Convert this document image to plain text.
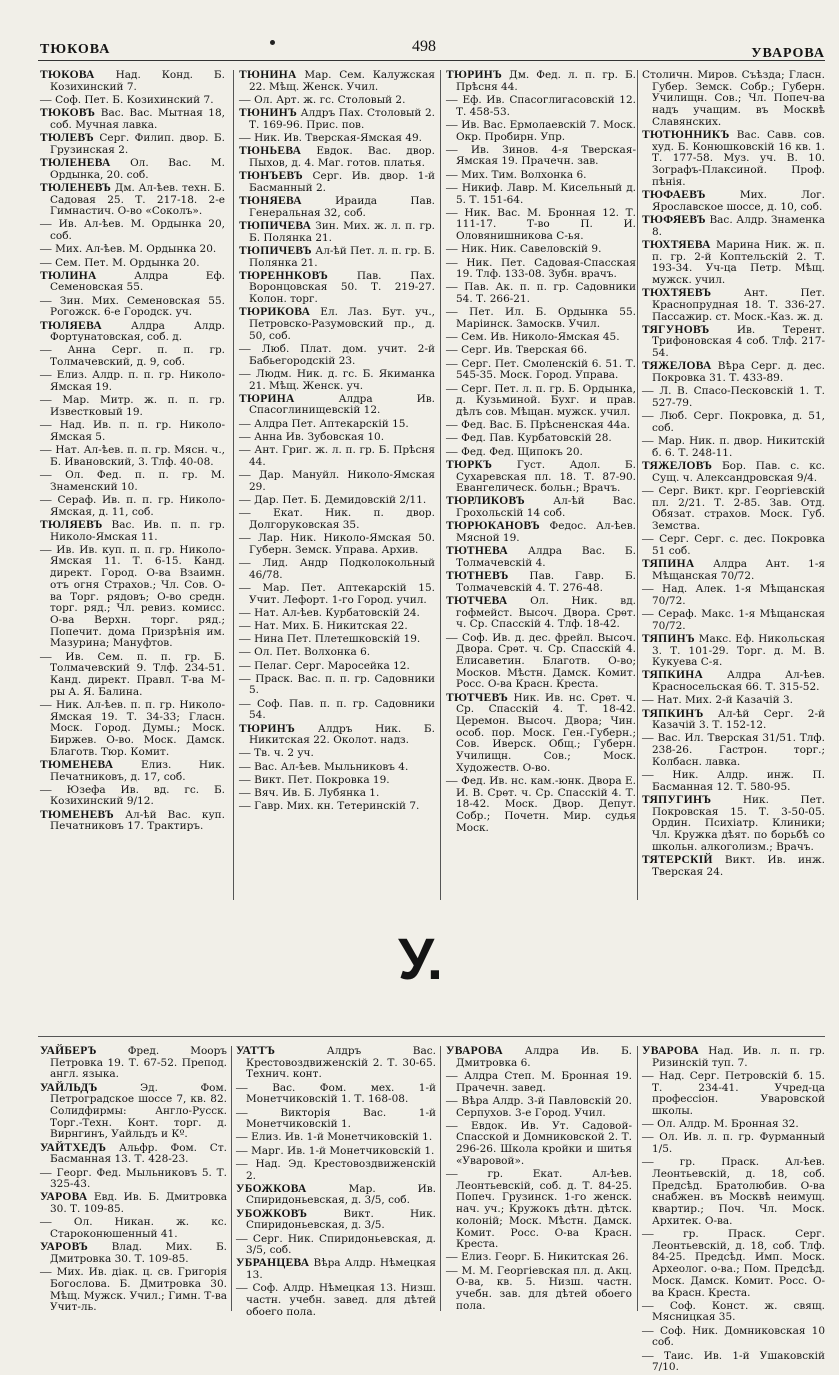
ТЮКОВА	498	УВАРОВА
ТЮКОВА Над. Конд. Б. Козихинский 7.
— Соф. Пет. Б. Козихинский 7.
ТЮКОВЪ Вас. Вас. Мытная 18, соб. Мучная лавка.
ТЮЛЕВЪ Серг. Филип. двор. Б. Грузинская 2.
ТЮЛЕНЕВА Ол. Вас. М. Ордынка, 20. соб.
ТЮЛЕНЕВЪ Дм. Ал-ѣев. техн. Б. Садовая 25. Т. 217-18. 2-е Гимнастич. О-во «Соколъ».
— Ив. Ал-ѣев. М. Ордынка 20, соб.
— Мих. Ал-ѣев. М. Ордынка 20.
— Сем. Пет. М. Ордынка 20.
ТЮЛИНА Алдра Еф. Семеновская 55.
— Зин. Мих. Семеновская 55. Рогожск. 6-е Городск. уч.
ТЮЛЯЕВА Алдра Алдр. Фортунатовская, соб. д.
— Анна Серг. п. п. гр. Толмачевский, д. 9, соб.
— Елиз. Алдр. п. п. гр. Николо-Ямская 19.
— Мар. Митр. ж. п. п. гр. Известковый 19.
— Над. Ив. п. п. гр. Николо-Ямская 5.
— Нат. Ал-ѣев. п. п. гр. Мясн. ч., Б. Ивановский, 3. Тлф. 40-08.
— Ол. Фед. п. п. гр. М. Знаменский 10.
— Сераф. Ив. п. п. гр. Николо-Ямская, д. 11, соб.
ТЮЛЯЕВЪ Вас. Ив. п. п. гр. Николо-Ямская 11.
— Ив. Ив. куп. п. п. гр. Николо-Ямская 11. Т. 6-15. Канд. директ. Город. О-ва Взаимн. отъ огня Страхов.; Чл. Сов. О-ва Торг. рядовъ; О-во средн. торг. ряд.; Чл. ревиз. комисс. О-ва Верхн. торг. ряд.; Попечит. дома Призрѣнія им. Мазурина; Мануфтов.
— Ив. Сем. п. п. гр. Б. Толмачевский 9. Тлф. 234-51. Канд. директ. Правл. Т-ва М-ры А. Я. Балина.
— Ник. Ал-ѣев. п. п. гр. Николо-Ямская 19. Т. 34-33; Гласн. Моск. Город. Думы.; Моск. Биржев. О-во. Моск. Дамск. Благотв. Тюр. Комит.
ТЮМЕНЕВА Елиз. Ник. Печатниковъ, д. 17, соб.
— Юзефа Ив. вд. гс. Б. Козихинский 9/12.
ТЮМЕНЕВЪ Ал-ѣй Вас. куп. Печатниковъ 17. Трактиръ.
ТЮНИНА Мар. Сем. Калужская 22. Мѣщ. Женск. Учил.
— Ол. Арт. ж. гс. Столовый 2.
ТЮНИНЪ Алдръ Пах. Столовый 2. Т. 169-96. Прис. пов.
— Ник. Ив. Тверская-Ямская 49.
ТЮНЬЕВА Евдок. Вас. двор. Пыхов, д. 4. Маг. готов. платья.
ТЮНЪЕВЪ Серг. Ив. двор. 1-й Басманный 2.
ТЮНЯЕВА Ираида Пав. Генеральная 32, соб.
ТЮПИЧЕВА Зин. Мих. ж. л. п. гр. Б. Полянка 21.
ТЮПИЧЕВЪ Ал-ѣй Пет. л. п. гр. Б. Полянка 21.
ТЮРЕННКОВЪ Пав. Пах. Воронцовская 50. Т. 219-27. Колон. торг.
ТЮРИКОВА Ел. Лаз. Бут. уч., Петровско-Разумовский пр., д. 50, соб.
— Люб. Плат. дом. учит. 2-й Бабьегородскій 23.
— Людм. Ник. д. гс. Б. Якиманка 21. Мѣщ. Женск. уч.
ТЮРИНА Алдра Ив. Спасоглинищевскій 12.
— Алдра Пет. Аптекарскій 15.
— Анна Ив. Зубовская 10.
— Ант. Григ. ж. л. п. гр. Б. Прѣсня 44.
— Дар. Мануйл. Николо-Ямская 29.
— Дар. Пет. Б. Демидовскій 2/11.
— Екат. Ник. п. двор. Долгоруковская 35.
— Лар. Ник. Николо-Ямская 50. Губерн. Земск. Управа. Архив.
— Лид. Андр Подколокольный 46/78.
— Мар. Пет. Аптекарскій 15. Учит. Лефорт. 1-го Город. учил.
— Нат. Ал-ѣев. Курбатовскій 24.
— Нат. Мих. Б. Никитская 22.
— Нина Пет. Плетешковскій 19.
— Ол. Пет. Волхонка 6.
— Пелаг. Серг. Маросейка 12.
— Праск. Вас. п. п. гр. Садовники 5.
— Соф. Пав. п. п. гр. Садовники 54.
ТЮРИНЪ Алдръ Ник. Б. Никитская 22. Околот. надз.
— Тв. ч. 2 уч.
— Вас. Ал-ѣев. Мыльниковъ 4.
— Викт. Пет. Покровка 19.
— Вяч. Ив. Б. Лубянка 1.
— Гавр. Мих. кн. Тетеринскій 7.
ТЮРИНЪ Дм. Фед. л. п. гр. Б. Прѣсня 44.
— Еф. Ив. Спасоглигасовскій 12. Т. 458-53.
— Ив. Вас. Ермолаевскій 7. Моск. Окр. Пробирн. Упр.
— Ив. Зинов. 4-я Тверская-Ямская 19. Прачечн. зав.
— Мих. Тим. Волхонка 6.
— Никиф. Лавр. М. Кисельный д. 5. Т. 151-64.
— Ник. Вас. М. Бронная 12. Т. 111-17. Т-во П. И. Оловянишникова С-ья.
— Ник. Ник. Савеловскій 9.
— Ник. Пет. Садовая-Спасская 19. Тлф. 133-08. Зубн. врачъ.
— Пав. Ак. п. п. гр. Садовники 54. Т. 266-21.
— Пет. Ил. Б. Ордынка 55. Маріинск. Замоскв. Учил.
— Сем. Ив. Николо-Ямская 45.
— Серг. Ив. Тверская 66.
— Серг. Пет. Смоленскій 6. 51. Т. 545-35. Моск. Город. Управа.
— Серг. Пет. л. п. гр. Б. Ордынка, д. Кузьминой. Бухг. и прав. дѣлъ сов. Мѣщан. мужск. учил.
— Фед. Вас. Б. Прѣсненская 44а.
— Фед. Пав. Курбатовскій 28.
— Фед. Фед. Щипокъ 20.
ТЮРКЪ Густ. Адол. Б. Сухаревская пл. 18. Т. 87-90. Евангелическ. больн.; Врачъ.
ТЮРЛИКОВЪ Ал-ѣй Вас. Грохольскій 14 соб.
ТЮРЮКАНОВЪ Федос. Ал-ѣев. Мясной 19.
ТЮТНЕВА Алдра Вас. Б. Толмачевскій 4.
ТЮТНЕВЪ Пав. Гавр. Б. Толмачевскій 4. Т. 276-48.
ТЮТЧЕВА Ол. Ник. вд. гофмейст. Высоч. Двора. Срѳт. ч. Ср. Спасскій 4. Тлф. 18-42.
— Соф. Ив. д. дес. фрейл. Высоч. Двора. Срѳт. ч. Ср. Спасскій 4. Елисаветин. Благотв. О-во; Москов. Мѣстн. Дамск. Комит. Росс. О-ва Красн. Креста.
ТЮТЧЕВЪ Ник. Ив. нс. Срѳт. ч. Ср. Спасскій 4. Т. 18-42. Церемон. Высоч. Двора; Чин. особ. пор. Моск. Ген.-Губерн.; Сов. Иверск. Общ.; Губерн. Училищн. Сов.; Моск. Художеств. О-во.
— Фед. Ив. нс. кам.-юнк. Двора Е. И. В. Срѳт. ч. Ср. Спасскій 4. Т. 18-42. Моск. Двор. Депут. Собр.; Почетн. Мир. судья Моск.
Столичн. Миров. Съѣзда; Гласн. Губер. Земск. Собр.; Губерн. Училищн. Сов.; Чл. Попеч-ва надъ учащим. въ Москвѣ Славянских.
ТЮТЮННИКЪ Вас. Савв. сов. худ. Б. Конюшковскій 16 кв. 1. Т. 177-58. Муз. уч. В. 10. Зографъ-Плаксиной. Проф. пѣнія.
ТЮФАЕВЪ Мих. Лог. Ярославское шоссе, д. 10, соб.
ТЮФЯЕВЪ Вас. Алдр. Знаменка 8.
ТЮХТЯЕВА Марина Ник. ж. п. п. гр. 2-й Коптельскій 2. Т. 193-34. Уч-ца Петр. Мѣщ. мужск. учил.
ТЮХТЯЕВЪ Ант. Пет. Краснопрудная 18. Т. 336-27. Пассажир. ст. Моск.-Каз. ж. д.
ТЯГУНОВЪ Ив. Терент. Трифоновская 4 соб. Тлф. 217-54.
ТЯЖЕЛОВА Вѣра Серг. д. дес. Покровка 31. Т. 433-89.
— Л. В. Спасо-Песковскій 1. Т. 527-79.
— Люб. Серг. Покровка, д. 51, соб.
— Мар. Ник. п. двор. Никитскій б. 6. Т. 248-11.
ТЯЖЕЛОВЪ Бор. Пав. с. кс. Сущ. ч. Александровская 9/4.
— Серг. Викт. крг. Георгіевскій пл. 2/21. Т. 2-85. Зав. Отд. Обязат. страхов. Моск. Губ. Земства.
— Серг. Серг. с. дес. Покровка 51 соб.
ТЯПИНА Алдра Ант. 1-я Мѣщанская 70/72.
— Над. Алек. 1-я Мѣщанская 70/72.
— Сераф. Макс. 1-я Мѣщанская 70/72.
ТЯПИНЪ Макс. Еф. Никольская 3. Т. 101-29. Торг. д. М. В. Кукуева С-я.
ТЯПКИНА Алдра Ал-ѣев. Красносельская 66. Т. 315-52.
— Нат. Мих. 2-й Казачій 3.
ТЯПКИНЪ Ал-ѣй Серг. 2-й Казачій 3. Т. 152-12.
— Вас. Ил. Тверская 31/51. Тлф. 238-26. Гастрон. торг.; Колбасн. лавка.
— Ник. Алдр. инж. П. Басманная 12. Т. 580-95.
ТЯПУГИНЪ Ник. Пет. Покровская 15. Т. 3-50-05. Ордин. Психіатр. Клиники; Чл. Кружка дѣят. по борьбѣ со школьн. алкоголизм.; Врачъ.
ТЯТЕРСКІЙ Викт. Ив. инж. Тверская 24.
У.
УАЙБЕРЪ Фред. Мооръ Петровка 19. Т. 67-52. Препод. англ. языка.
УАЙЛЬДЪ Эд. Фом. Петроградское шоссе 7, кв. 82. Солидфирмы: Англо-Русск. Торг.-Техн. Конт. торг. д. Вирнгинъ, Уайльдъ и Кº.
УАЙТХЕДЪ Альфр. Фом. Ст. Басманная 13. Т. 428-23.
— Георг. Фед. Мыльниковъ 5. Т. 325-43.
УАРОВА Евд. Ив. Б. Дмитровка 30. Т. 109-85.
— Ол. Никан. ж. кс. Староконюшенный 41.
УАРОВЪ Влад. Мих. Б. Дмитровка 30. Т. 109-85.
— Мих. Ив. діак. ц. св. Григорія Богослова. Б. Дмитровка 30. Мѣщ. Мужск. Учил.; Гимн. Т-ва Учит-ль.
УАТТЪ Алдръ Вас. Крестовоздвиженскій 2. Т. 30-65. Технич. конт.
— Вас. Фом. мех. 1-й Монетчиковскій 1. Т. 168-08.
— Викторія Вас. 1-й Монетчиковскій 1.
— Елиз. Ив. 1-й Монетчиковскій 1.
— Марг. Ив. 1-й Монетчиковскій 1.
— Над. Эд. Крестовоздвиженскій 2.
УБОЖКОВА Мар. Ив. Спиридоньевская, д. 3/5, соб.
УБОЖКОВЪ Викт. Ник. Спиридоньевская, д. 3/5.
— Серг. Ник. Спиридоньевская, д. 3/5, соб.
УБРАНЦЕВА Вѣра Алдр. Нѣмецкая 13.
— Соф. Алдр. Нѣмецкая 13. Низш. частн. учебн. завед. для дѣтей обоего пола.
УВАРОВА Алдра Ив. Б. Дмитровка 6.
— Алдра Степ. М. Бронная 19. Прачечн. завед.
— Вѣра Алдр. 3-й Павловскій 20. Серпухов. 3-е Город. Учил.
— Евдок. Ив. Ут. Садовой-Спасской и Домниковской 2. Т. 296-26. Школа кройки и шитья «Уваровой».
— гр. Екат. Ал-ѣев. Леонтьевскій, соб. д. Т. 84-25. Попеч. Грузинск. 1-го женск. нач. уч.; Кружокъ дѣтн. дѣтск. колоній; Моск. Мѣстн. Дамск. Комит. Росс. О-ва Красн. Креста.
— Елиз. Георг. Б. Никитская 26.
— М. М. Георгіевская пл. д. Акц. О-ва, кв. 5. Низш. частн. учебн. зав. для дѣтей обоего пола.
УВАРОВА Над. Ив. л. п. гр. Ризинскій туп. 7.
— Над. Серг. Петровскій б. 15. Т. 234-41. Учред-ца профессіон. Уваровской школы.
— Ол. Алдр. М. Бронная 32.
— Ол. Ив. л. п. гр. Фурманный 1/5.
— гр. Праск. Ал-ѣев. Леонтьевскій, д. 18, соб. Предсѣд. Братолюбив. О-ва снабжен. въ Москвѣ неимущ. квартир.; Поч. Чл. Моск. Архитек. О-ва.
— гр. Праск. Серг. Леонтьевскій, д. 18, соб. Тлф. 84-25. Предсѣд. Имп. Моск. Археолог. о-ва.; Пом. Предсѣд. Моск. Дамск. Комит. Росс. О-ва Красн. Креста.
— Соф. Конст. ж. свящ. Мясницкая 35.
— Соф. Ник. Домниковская 10 соб.
— Таис. Ив. 1-й Ушаковскій 7/10.
